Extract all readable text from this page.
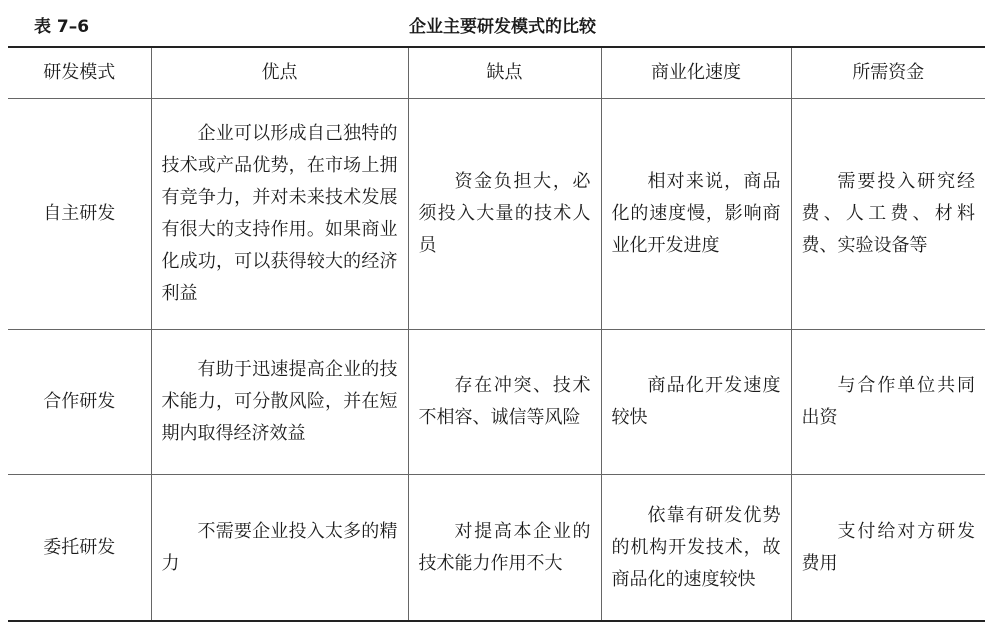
表 7–6	企业主要研发模式的比较
研发模式	优点	缺点	商业化速度	所需资金
自主研发	企业可以形成自己独特的技术或产品优势，在市场上拥有竞争力，并对未来技术发展有很大的支持作用。如果商业化成功，可以获得较大的经济利益	资金负担大，必须投入大量的技术人员	相对来说，商品化的速度慢，影响商业化开发进度	需要投入研究经费、人工费、材料费、实验设备等

合作研发	有助于迅速提高企业的技术能力，可分散风险，并在短期内取得经济效益	存在冲突、技术不相容、诚信等风险	商品化开发速度较快	与合作单位共同出资

委托研发	不需要企业投入太多的精力	对提高本企业的技术能力作用不大	依靠有研发优势的机构开发技术，故商品化的速度较快	支付给对方研发费用
